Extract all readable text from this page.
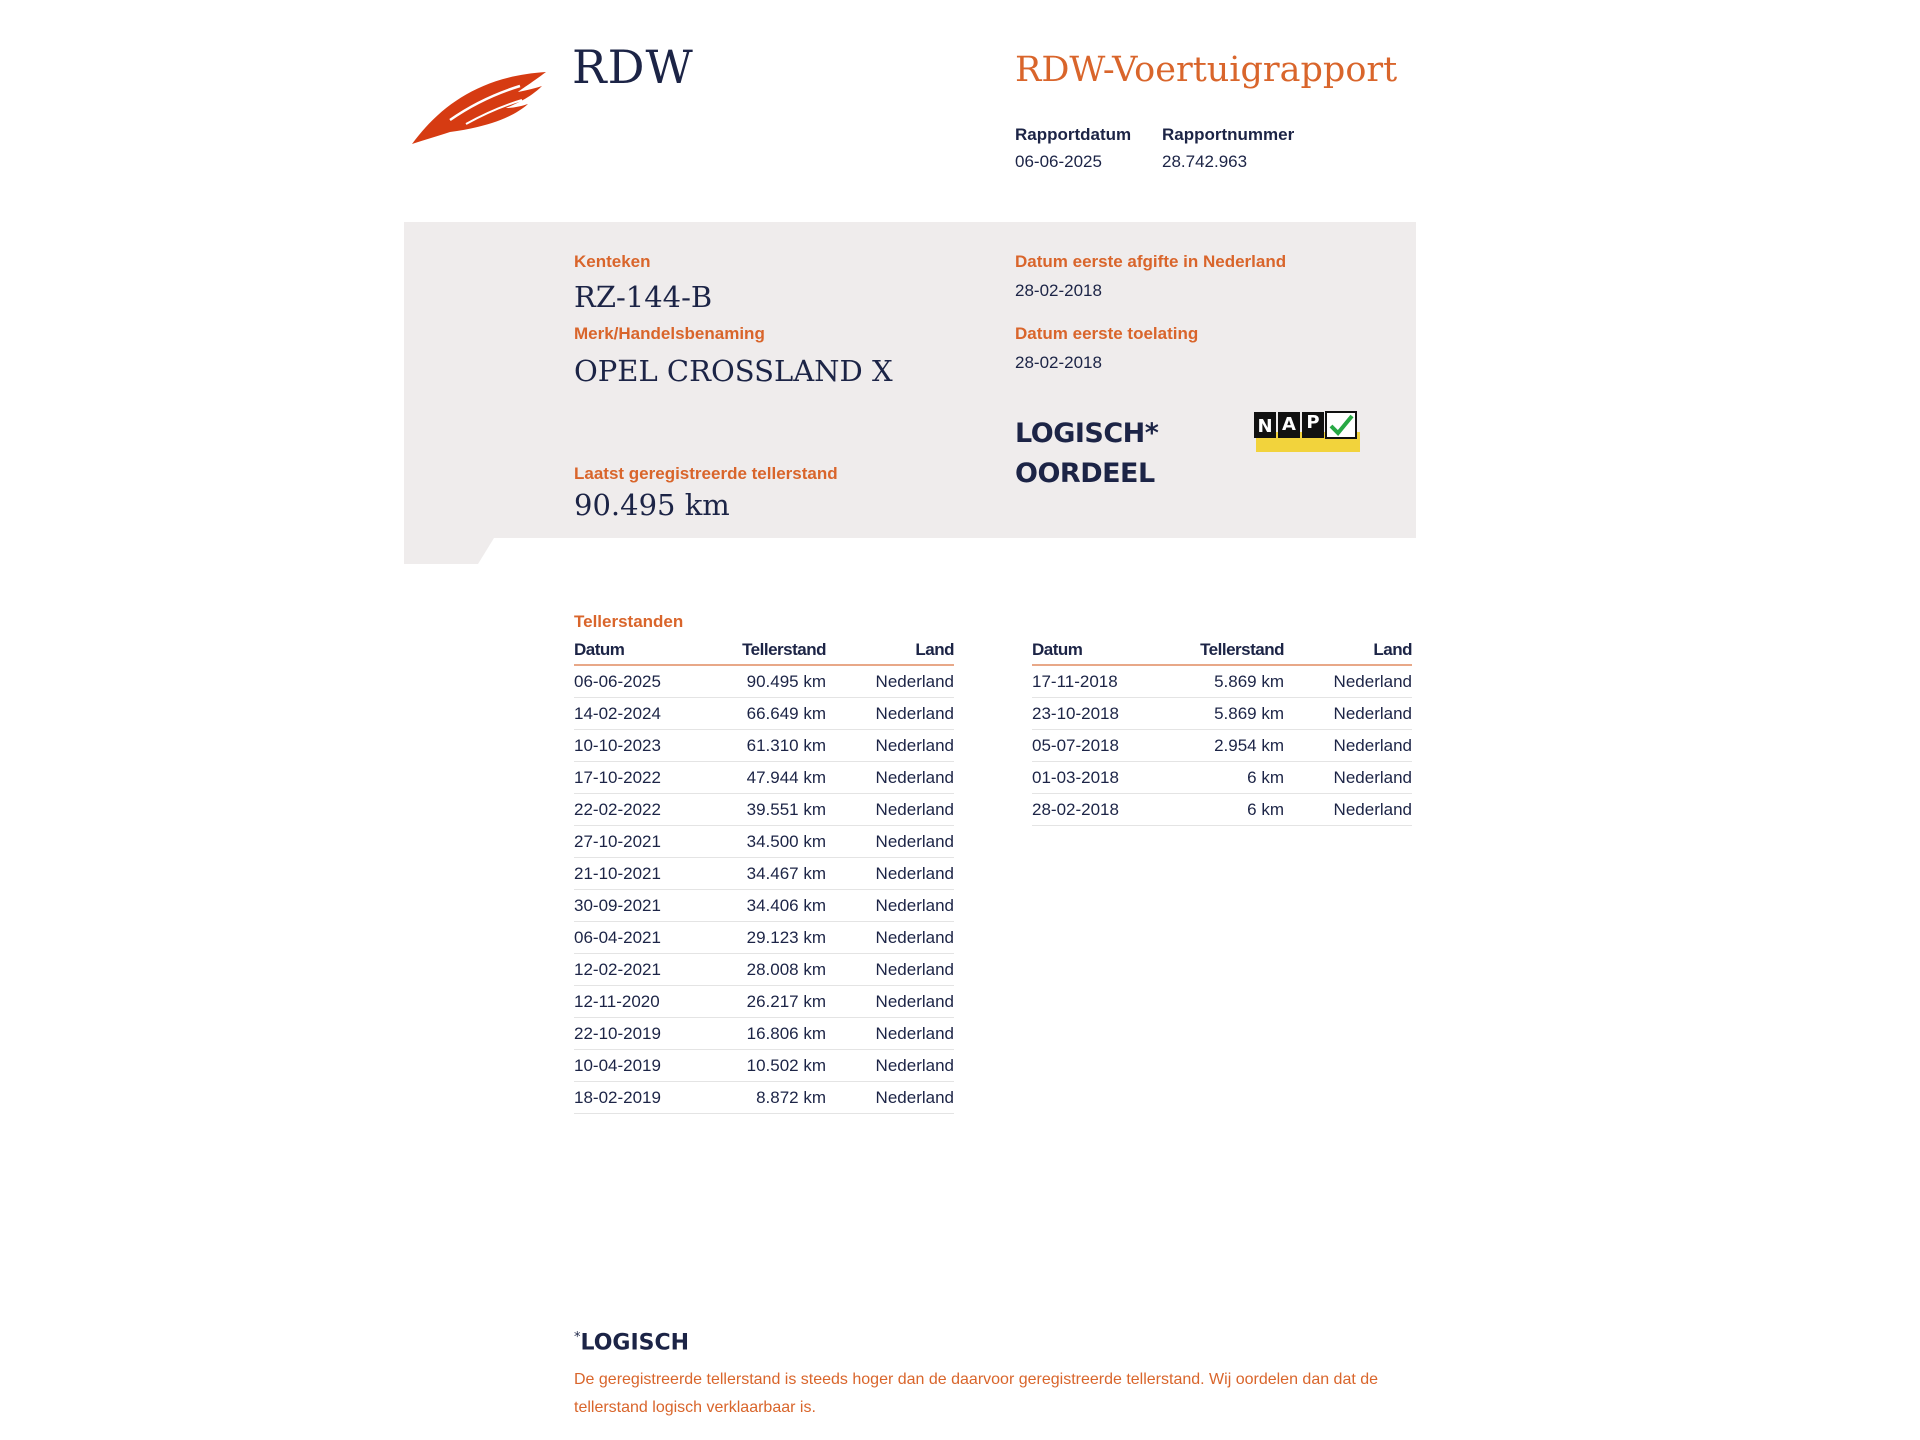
RDW	RDW-Voertuigrapport
Rapportdatum
06-06-2025
Rapportnummer
28.742.963
Kenteken
RZ-144-B
Merk/Handelsbenaming
OPEL CROSSLAND X
Laatst geregistreerde tellerstand
90.495 km
Datum eerste afgifte in Nederland
28-02-2018
Datum eerste toelating
28-02-2018
LOGISCH*
OORDEEL
N A P
Tellerstanden
Datum	Tellerstand	Land
06-06-2025	90.495 km	Nederland
14-02-2024	66.649 km	Nederland
10-10-2023	61.310 km	Nederland
17-10-2022	47.944 km	Nederland
22-02-2022	39.551 km	Nederland
27-10-2021	34.500 km	Nederland
21-10-2021	34.467 km	Nederland
30-09-2021	34.406 km	Nederland
06-04-2021	29.123 km	Nederland
12-02-2021	28.008 km	Nederland
12-11-2020	26.217 km	Nederland
22-10-2019	16.806 km	Nederland
10-04-2019	10.502 km	Nederland
18-02-2019	8.872 km	Nederland
Datum	Tellerstand	Land
17-11-2018	5.869 km	Nederland
23-10-2018	5.869 km	Nederland
05-07-2018	2.954 km	Nederland
01-03-2018	6 km	Nederland
28-02-2018	6 km	Nederland
*LOGISCH
De geregistreerde tellerstand is steeds hoger dan de daarvoor geregistreerde tellerstand. Wij oordelen dan dat de tellerstand logisch verklaarbaar is.
